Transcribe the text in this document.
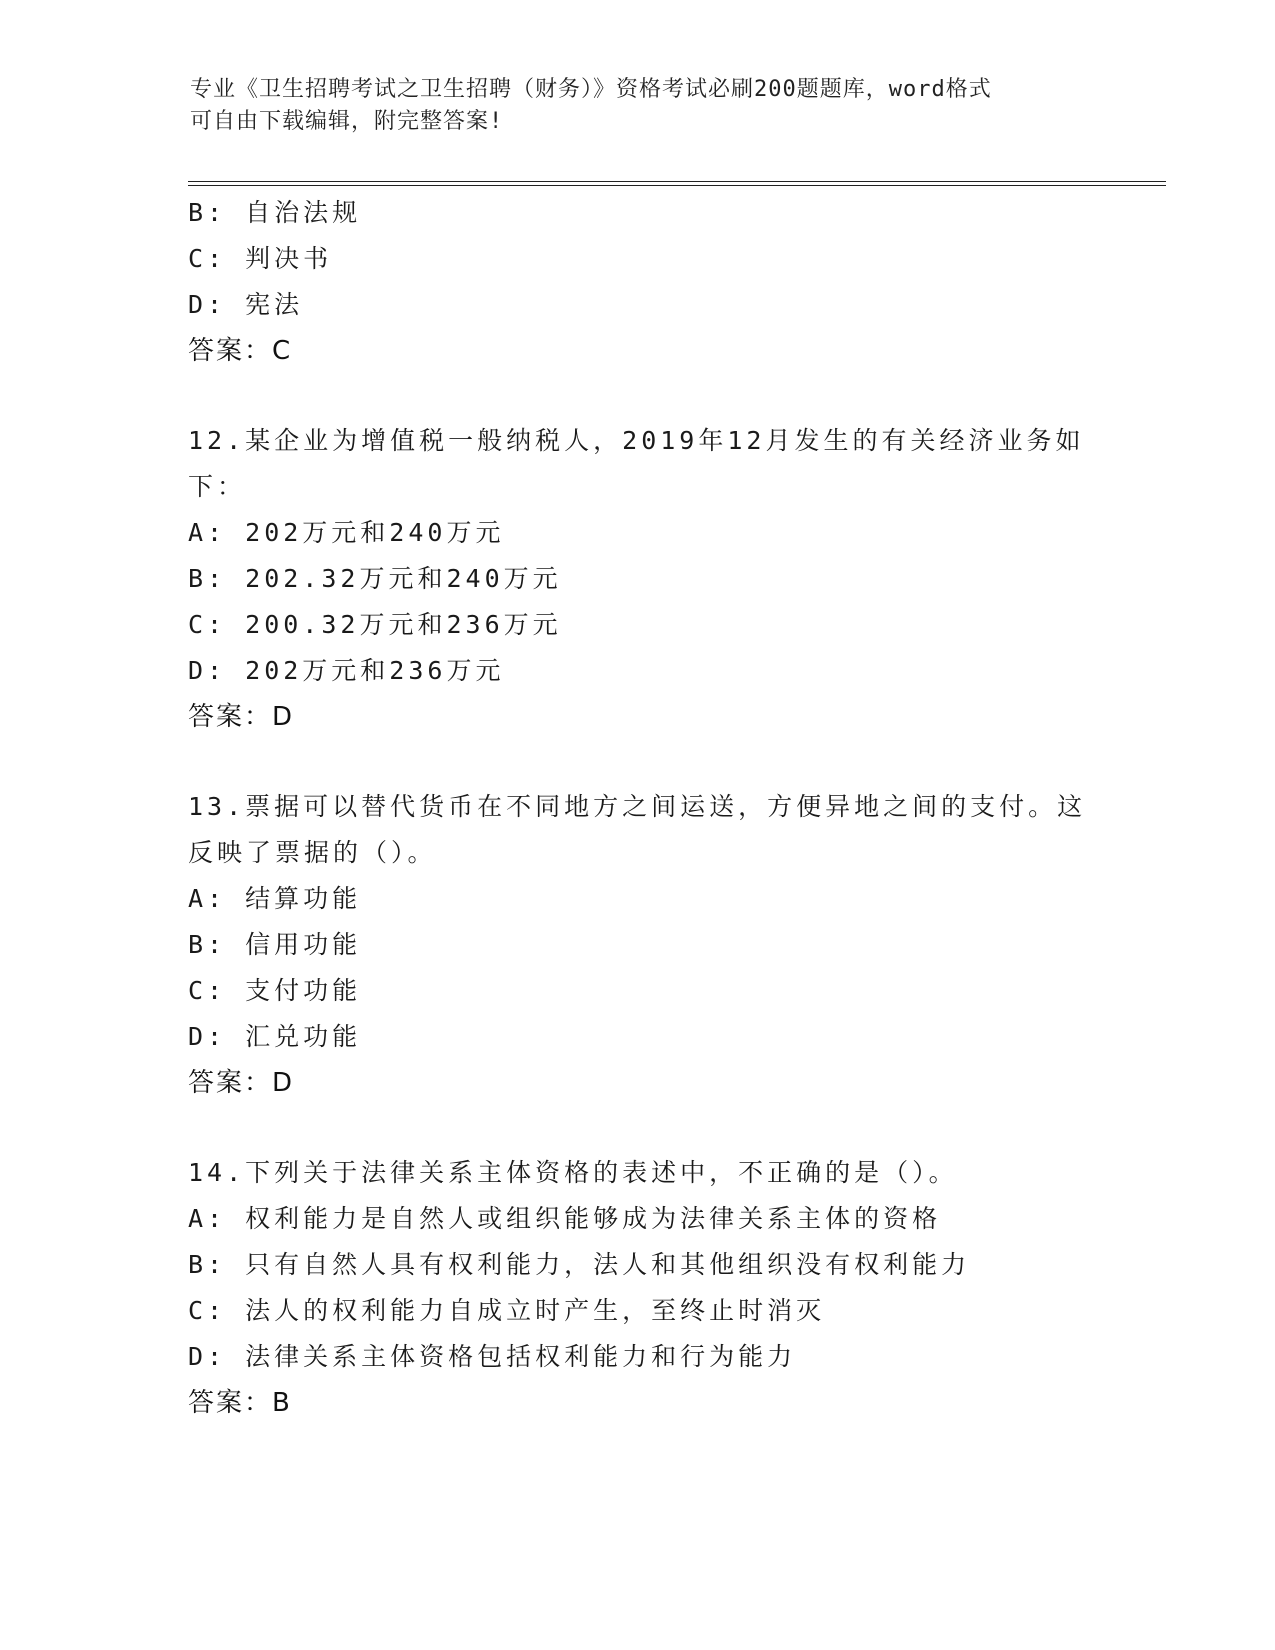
专业《卫生招聘考试之卫生招聘（财务）》资格考试必刷200题题库，word格式
可自由下载编辑，附完整答案!
B: 自治法规
C: 判决书
D: 宪法
答案：C
12.某企业为增值税一般纳税人，2019年12月发生的有关经济业务如
下：
A: 202万元和240万元
B: 202.32万元和240万元
C: 200.32万元和236万元
D: 202万元和236万元
答案：D
13.票据可以替代货币在不同地方之间运送，方便异地之间的支付。这
反映了票据的（）。
A: 结算功能
B: 信用功能
C: 支付功能
D: 汇兑功能
答案：D
14.下列关于法律关系主体资格的表述中，不正确的是（）。
A: 权利能力是自然人或组织能够成为法律关系主体的资格
B: 只有自然人具有权利能力，法人和其他组织没有权利能力
C: 法人的权利能力自成立时产生，至终止时消灭
D: 法律关系主体资格包括权利能力和行为能力
答案：B
